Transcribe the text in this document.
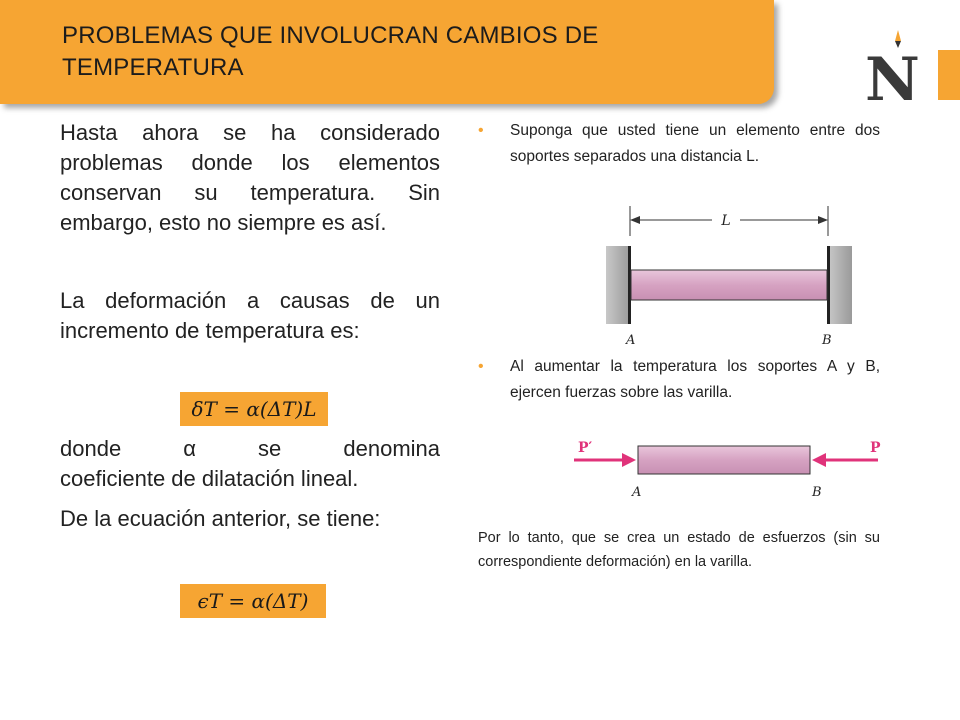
PROBLEMAS QUE INVOLUCRAN CAMBIOS DE TEMPERATURA	N

Hasta ahora se ha considerado problemas donde los elementos conservan su temperatura. Sin embargo, esto no siempre es así.

La deformación a causas de un incremento de temperatura es:

donde α se denomina

coeficiente de dilatación lineal.

De la ecuación anterior, se tiene:

δT = α(ΔT)L
ϵT = α(ΔT)
• Suponga que usted tiene un elemento entre dos soportes separados una distancia L.
• Al aumentar la temperatura los soportes A y B, ejercen fuerzas sobre las varilla.
Por lo tanto, que se crea un estado de esfuerzos (sin su correspondiente deformación) en la varilla.
L
A	B
P′	P
A	B
